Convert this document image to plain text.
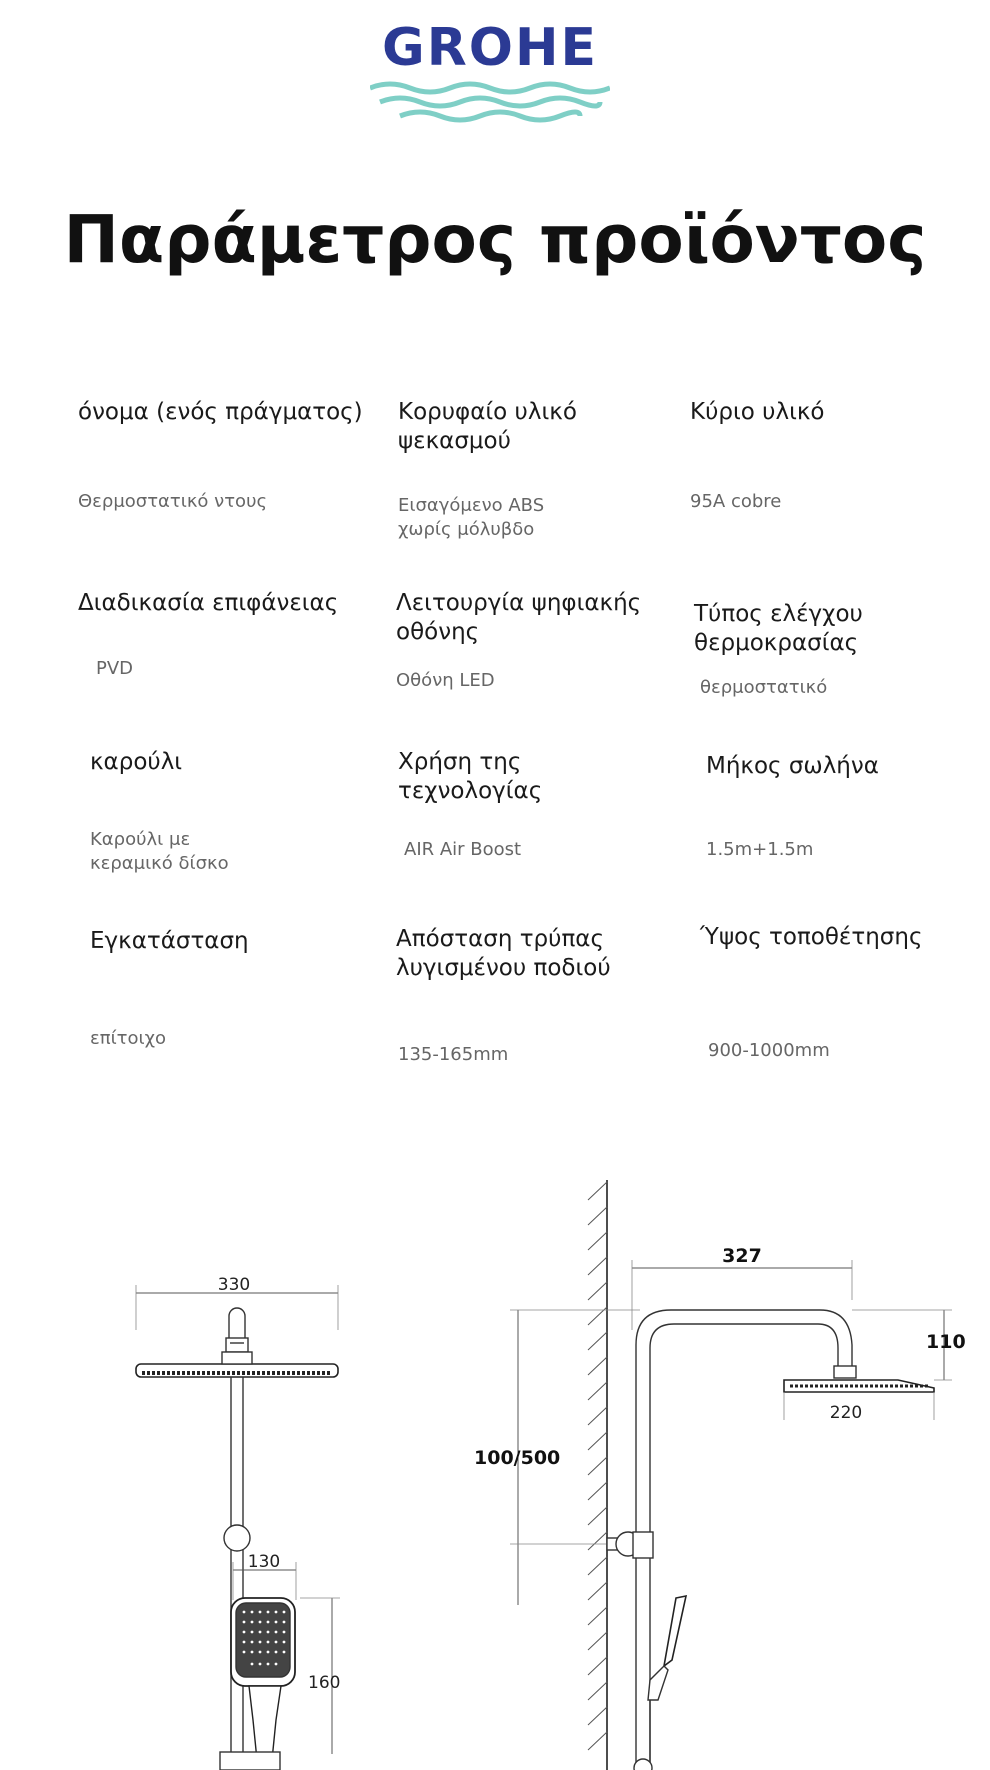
GROHE
Παράμετρος προϊόντος
όνομα (ενός πράγματος)
Θερμοστατικό ντους
Κορυφαίο υλικό ψεκασμού
Εισαγόμενο ABS χωρίς μόλυβδο
Κύριο υλικό
95A cobre
Διαδικασία επιφάνειας
PVD
Λειτουργία ψηφιακής οθόνης
Οθόνη LED
Τύπος ελέγχου θερμοκρασίας
θερμοστατικό
καρούλι
Καρούλι με κεραμικό δίσκο
Χρήση της τεχνολογίας
AIR Air Boost
Μήκος σωλήνα
1.5m+1.5m
Εγκατάσταση
επίτοιχο
Απόσταση τρύπας λυγισμένου ποδιού
135-165mm
Ύψος τοποθέτησης
900-1000mm
330
130
160
327
110
220
100/500
